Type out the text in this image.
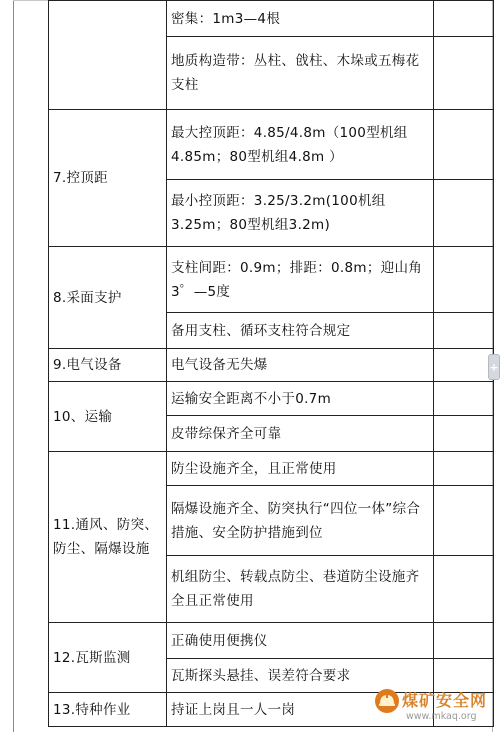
	密集：1m3—4根	
	地质构造带：丛柱、戗柱、木垛或五梅花支柱	
7.控顶距	最大控顶距：4.85/4.8m（100型机组4.85m；80型机组4.8m ）	
	最小控顶距：3.25/3.2m(100机组3.25m；80型机组3.2m)	
8.采面支护	支柱间距：0.9m；排距：0.8m；迎山角3゜—5度	
	备用支柱、循环支柱符合规定	
9.电气设备	电气设备无失爆	
10、运输	运输安全距离不小于0.7m	
	皮带综保齐全可靠	
11.通风、防突、防尘、隔爆设施	防尘设施齐全，且正常使用	
	隔爆设施齐全、防突执行“四位一体”综合措施、安全防护措施到位	
	机组防尘、转载点防尘、巷道防尘设施齐全且正常使用	
12.瓦斯监测	正确使用便携仪	
	瓦斯探头悬挂、误差符合要求	
13.特种作业	持证上岗且一人一岗	
+
煤矿安全网
www.mkaq.org
